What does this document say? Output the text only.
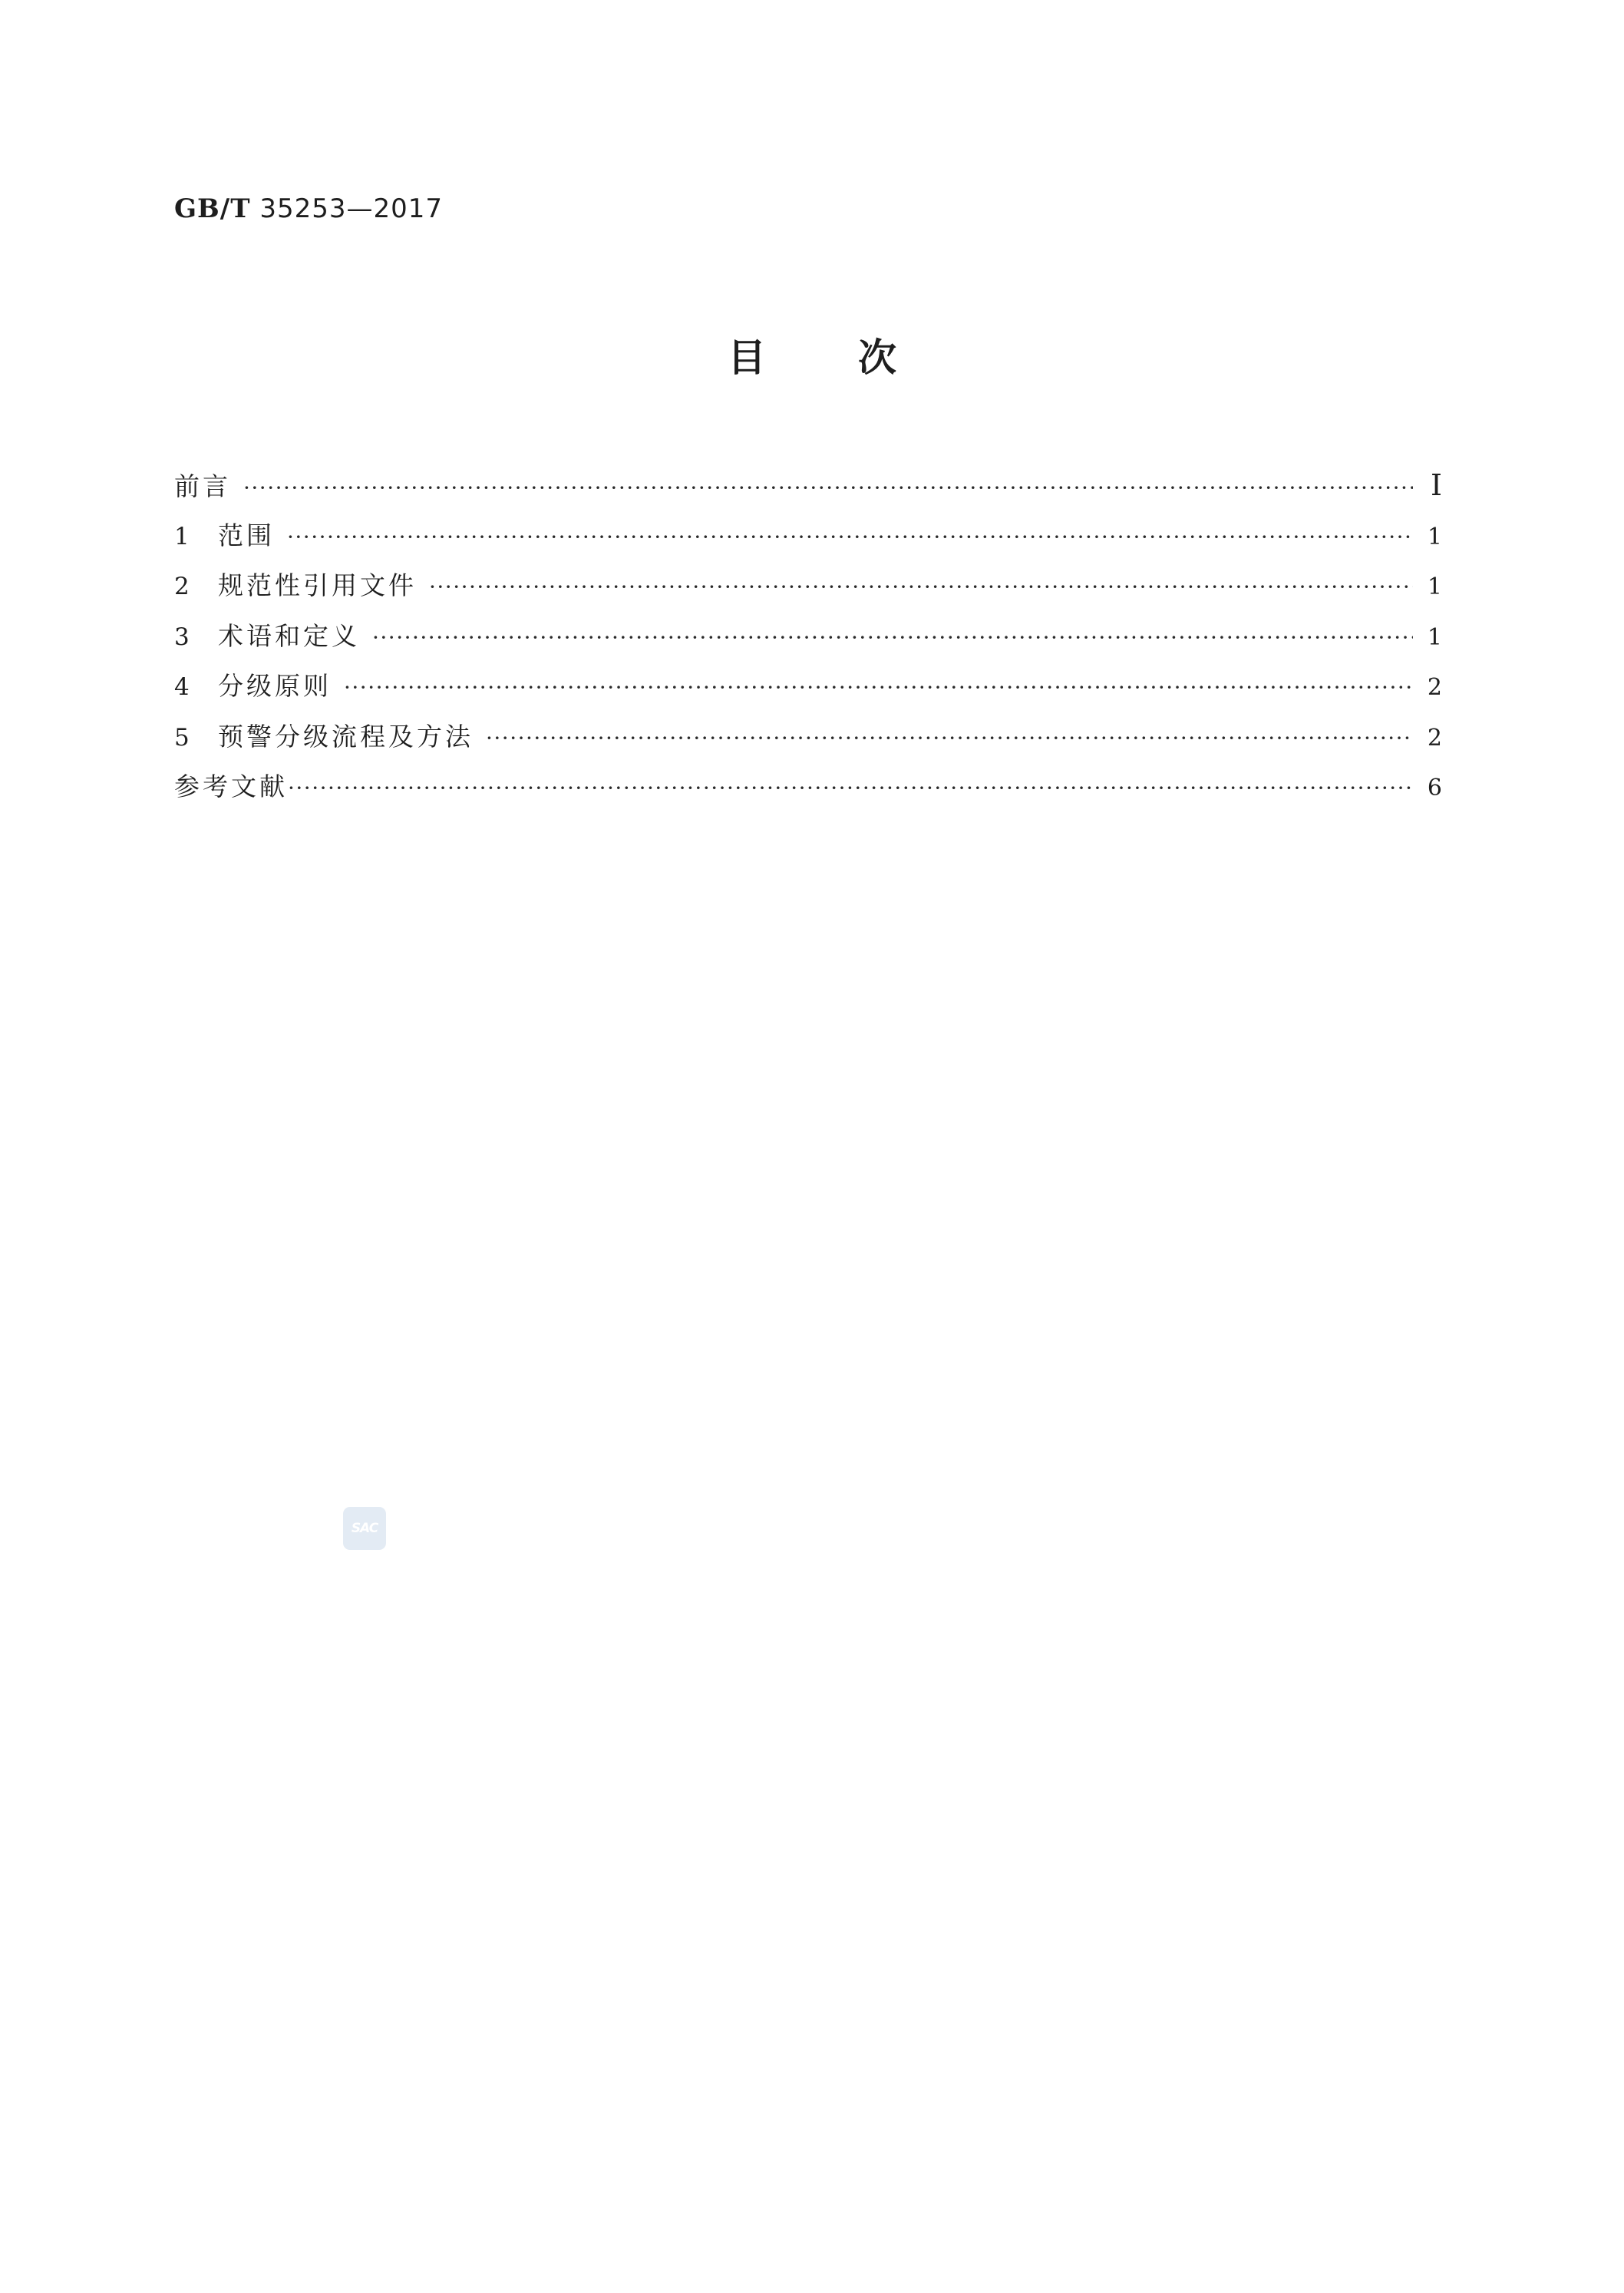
GB/T 35253—2017
目次
前言 ·····	I
1	范围 ·····	1
2	规范性引用文件 ·····	1
3	术语和定义 ·····	1
4	分级原则 ·····	2
5	预警分级流程及方法 ·····	2
参考文献 ·····	6
SAC
